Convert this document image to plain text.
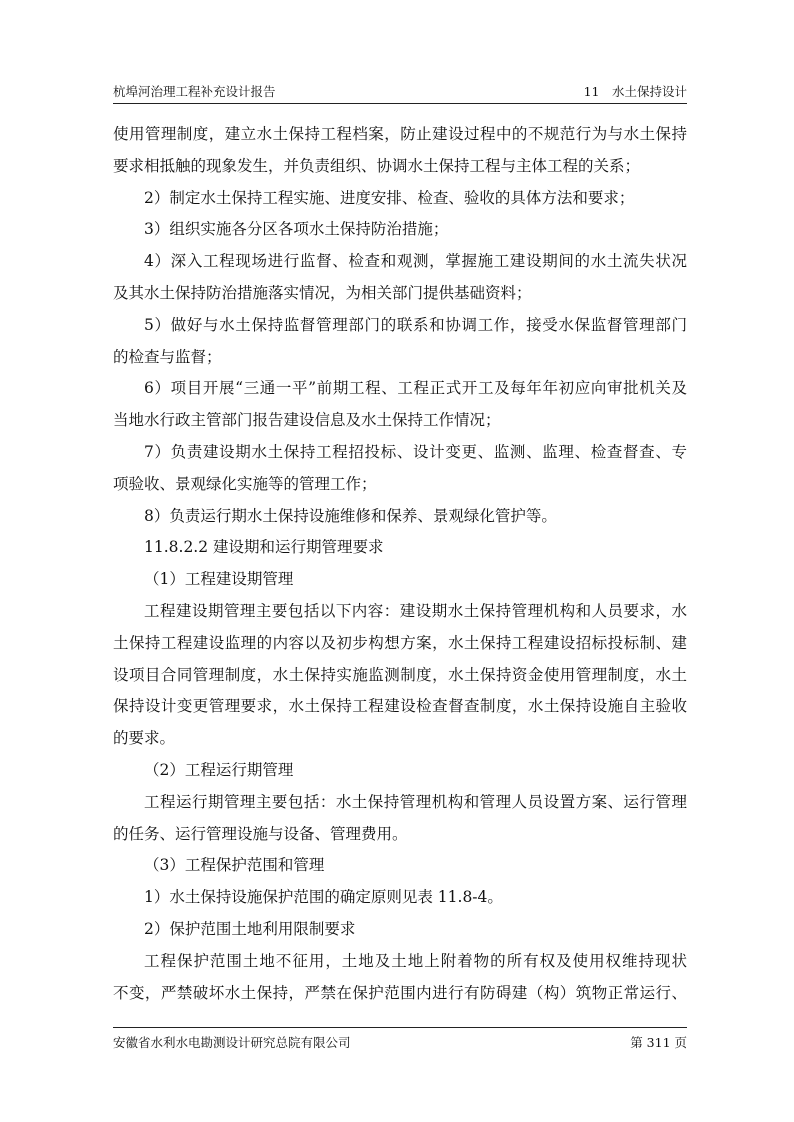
杭埠河治理工程补充设计报告	11　水土保持设计
使用管理制度，建立水土保持工程档案，防止建设过程中的不规范行为与水土保持
要求相抵触的现象发生，并负责组织、协调水土保持工程与主体工程的关系；
2）制定水土保持工程实施、进度安排、检查、验收的具体方法和要求；
3）组织实施各分区各项水土保持防治措施；
4）深入工程现场进行监督、检查和观测，掌握施工建设期间的水土流失状况
及其水土保持防治措施落实情况，为相关部门提供基础资料；
5）做好与水土保持监督管理部门的联系和协调工作，接受水保监督管理部门
的检查与监督；
6）项目开展“三通一平”前期工程、工程正式开工及每年年初应向审批机关及
当地水行政主管部门报告建设信息及水土保持工作情况；
7）负责建设期水土保持工程招投标、设计变更、监测、监理、检查督查、专
项验收、景观绿化实施等的管理工作；
8）负责运行期水土保持设施维修和保养、景观绿化管护等。
11.8.2.2 建设期和运行期管理要求
（1）工程建设期管理
工程建设期管理主要包括以下内容：建设期水土保持管理机构和人员要求，水
土保持工程建设监理的内容以及初步构想方案，水土保持工程建设招标投标制、建
设项目合同管理制度，水土保持实施监测制度，水土保持资金使用管理制度，水土
保持设计变更管理要求，水土保持工程建设检查督查制度，水土保持设施自主验收
的要求。
（2）工程运行期管理
工程运行期管理主要包括：水土保持管理机构和管理人员设置方案、运行管理
的任务、运行管理设施与设备、管理费用。
（3）工程保护范围和管理
1）水土保持设施保护范围的确定原则见表 11.8-4。
2）保护范围土地利用限制要求
工程保护范围土地不征用，土地及土地上附着物的所有权及使用权维持现状
不变，严禁破坏水土保持，严禁在保护范围内进行有防碍建（构）筑物正常运行、
安徽省水利水电勘测设计研究总院有限公司	第 311 页
